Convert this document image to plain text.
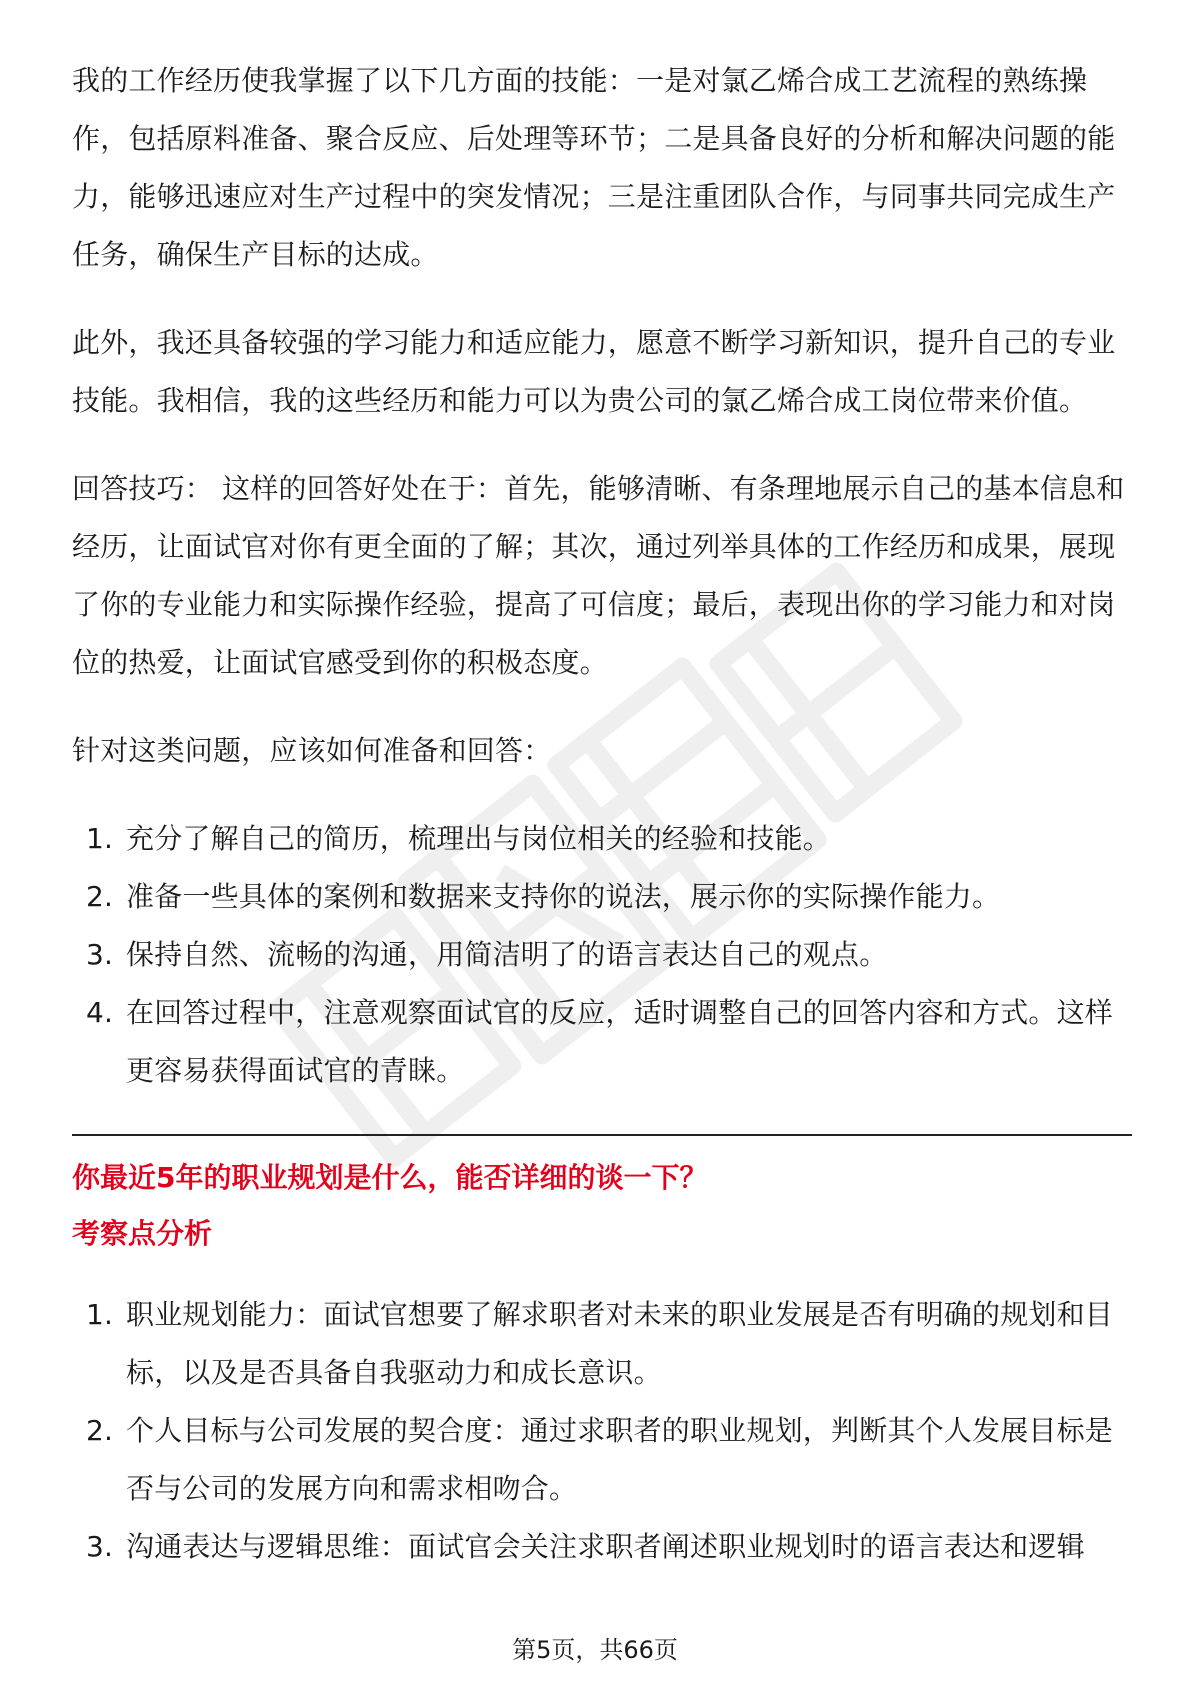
我的工作经历使我掌握了以下几方面的技能：一是对氯乙烯合成工艺流程的熟练操作，包括原料准备、聚合反应、后处理等环节；二是具备良好的分析和解决问题的能力，能够迅速应对生产过程中的突发情况；三是注重团队合作，与同事共同完成生产任务，确保生产目标的达成。

此外，我还具备较强的学习能力和适应能力，愿意不断学习新知识，提升自己的专业技能。我相信，我的这些经历和能力可以为贵公司的氯乙烯合成工岗位带来价值。

回答技巧： 这样的回答好处在于：首先，能够清晰、有条理地展示自己的基本信息和经历，让面试官对你有更全面的了解；其次，通过列举具体的工作经历和成果，展现了你的专业能力和实际操作经验，提高了可信度；最后，表现出你的学习能力和对岗位的热爱，让面试官感受到你的积极态度。

针对这类问题，应该如何准备和回答：

1. 充分了解自己的简历，梳理出与岗位相关的经验和技能。
2. 准备一些具体的案例和数据来支持你的说法，展示你的实际操作能力。
3. 保持自然、流畅的沟通，用简洁明了的语言表达自己的观点。
4. 在回答过程中，注意观察面试官的反应，适时调整自己的回答内容和方式。这样更容易获得面试官的青睐。

你最近5年的职业规划是什么，能否详细的谈一下？

考察点分析

1. 职业规划能力：面试官想要了解求职者对未来的职业发展是否有明确的规划和目标，以及是否具备自我驱动力和成长意识。
2. 个人目标与公司发展的契合度：通过求职者的职业规划，判断其个人发展目标是否与公司的发展方向和需求相吻合。
3. 沟通表达与逻辑思维：面试官会关注求职者阐述职业规划时的语言表达和逻辑
第5页，共66页
